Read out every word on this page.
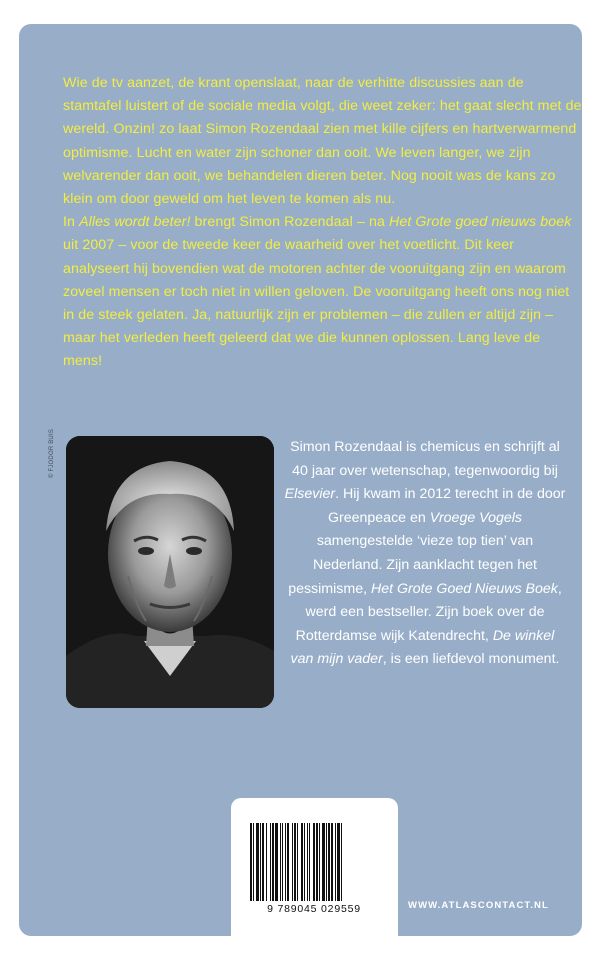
Wie de tv aanzet, de krant openslaat, naar de verhitte discussies aan de stamtafel luistert of de sociale media volgt, die weet zeker: het gaat slecht met de wereld. Onzin! zo laat Simon Rozendaal zien met kille cijfers en hartverwarmend optimisme. Lucht en water zijn schoner dan ooit. We leven langer, we zijn welvarender dan ooit, we behandelen dieren beter. Nog nooit was de kans zo klein om door geweld om het leven te komen als nu.

In Alles wordt beter! brengt Simon Rozendaal – na Het Grote goed nieuws boek uit 2007 – voor de tweede keer de waarheid over het voetlicht. Dit keer analyseert hij bovendien wat de motoren achter de vooruitgang zijn en waarom zoveel mensen er toch niet in willen geloven. De vooruitgang heeft ons nog niet in de steek gelaten. Ja, natuurlijk zijn er problemen – die zullen er altijd zijn – maar het verleden heeft geleerd dat we die kunnen oplossen. Lang leve de mens!

© FJODOR BUIS	Simon Rozendaal is chemicus en schrijft al 40 jaar over wetenschap, tegenwoordig bij Elsevier. Hij kwam in 2012 terecht in de door Greenpeace en Vroege Vogels samengestelde ‘vieze top tien’ van Nederland. Zijn aanklacht tegen het pessimisme, Het Grote Goed Nieuws Boek, werd een bestseller. Zijn boek over de Rotterdamse wijk Katendrecht, De winkel van mijn vader, is een liefdevol monument.

9 789045 029559	WWW.ATLASCONTACT.NL
